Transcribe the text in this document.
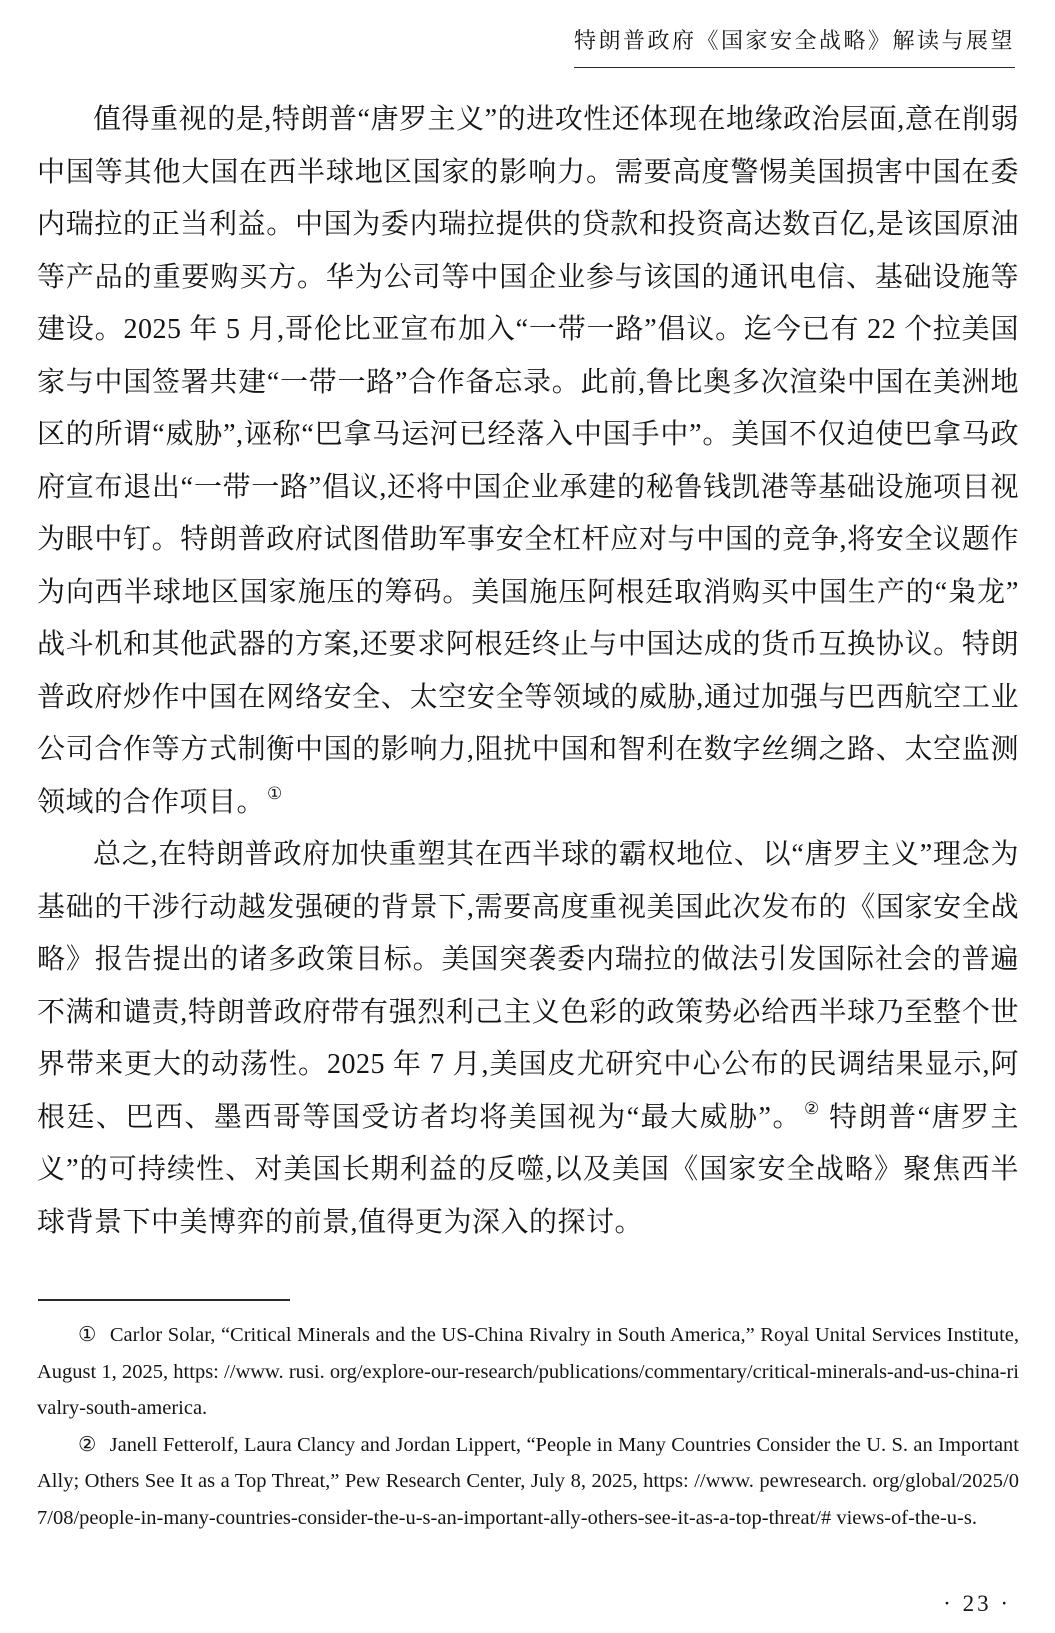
特朗普政府《国家安全战略》解读与展望

值得重视的是,特朗普“唐罗主义”的进攻性还体现在地缘政治层面,意在削弱中国等其他大国在西半球地区国家的影响力。需要高度警惕美国损害中国在委内瑞拉的正当利益。中国为委内瑞拉提供的贷款和投资高达数百亿,是该国原油等产品的重要购买方。华为公司等中国企业参与该国的通讯电信、基础设施等建设。2025 年 5 月,哥伦比亚宣布加入“一带一路”倡议。迄今已有 22 个拉美国家与中国签署共建“一带一路”合作备忘录。此前,鲁比奥多次渲染中国在美洲地区的所谓“威胁”,诬称“巴拿马运河已经落入中国手中”。美国不仅迫使巴拿马政府宣布退出“一带一路”倡议,还将中国企业承建的秘鲁钱凯港等基础设施项目视为眼中钉。特朗普政府试图借助军事安全杠杆应对与中国的竞争,将安全议题作为向西半球地区国家施压的筹码。美国施压阿根廷取消购买中国生产的“枭龙”战斗机和其他武器的方案,还要求阿根廷终止与中国达成的货币互换协议。特朗普政府炒作中国在网络安全、太空安全等领域的威胁,通过加强与巴西航空工业公司合作等方式制衡中国的影响力,阻扰中国和智利在数字丝绸之路、太空监测领域的合作项目。 ①

总之,在特朗普政府加快重塑其在西半球的霸权地位、以“唐罗主义”理念为基础的干涉行动越发强硬的背景下,需要高度重视美国此次发布的《国家安全战略》报告提出的诸多政策目标。美国突袭委内瑞拉的做法引发国际社会的普遍不满和谴责,特朗普政府带有强烈利己主义色彩的政策势必给西半球乃至整个世界带来更大的动荡性。2025 年 7 月,美国皮尤研究中心公布的民调结果显示,阿根廷、巴西、墨西哥等国受访者均将美国视为“最大威胁”。 ② 特朗普“唐罗主义”的可持续性、对美国长期利益的反噬,以及美国《国家安全战略》聚焦西半球背景下中美博弈的前景,值得更为深入的探讨。

① Carlor Solar, “Critical Minerals and the US-China Rivalry in South America,” Royal Unital Services Institute, August 1, 2025, https: //www. rusi. org/explore-our-research/publications/commentary/critical-minerals-and-us-china-rivalry-south-america.

② Janell Fetterolf, Laura Clancy and Jordan Lippert, “People in Many Countries Consider the U. S. an Important Ally; Others See It as a Top Threat,” Pew Research Center, July 8, 2025, https: //www. pewresearch. org/global/2025/07/08/people-in-many-countries-consider-the-u-s-an-important-ally-others-see-it-as-a-top-threat/# views-of-the-u-s.

· 23 ·
